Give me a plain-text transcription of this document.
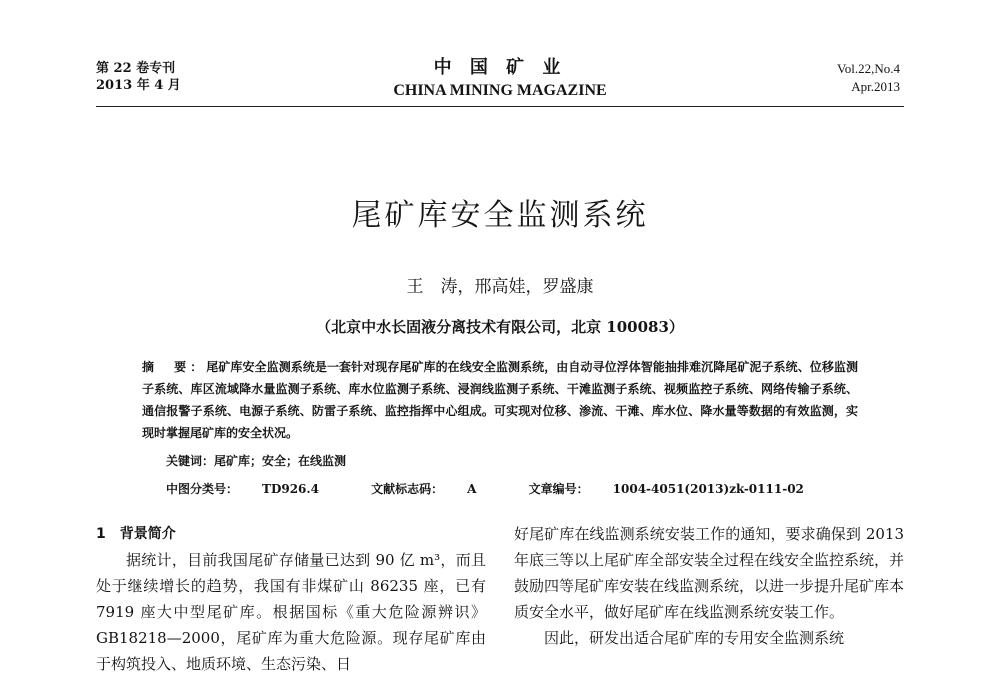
第 22 卷专刊
2013 年 4 月
中 国 矿 业
CHINA MINING MAGAZINE
Vol.22,No.4
Apr.2013
尾矿库安全监测系统
王　涛，邢高娃，罗盛康
（北京中水长固液分离技术有限公司，北京 100083）
摘　要：尾矿库安全监测系统是一套针对现存尾矿库的在线安全监测系统，由自动寻位浮体智能抽排难沉降尾矿泥子系统、位移监测子系统、库区流域降水量监测子系统、库水位监测子系统、浸润线监测子系统、干滩监测子系统、视频监控子系统、网络传输子系统、通信报警子系统、电源子系统、防雷子系统、监控指挥中心组成。可实现对位移、渗流、干滩、库水位、降水量等数据的有效监测，实现时掌握尾矿库的安全状况。
关键词：尾矿库；安全；在线监测
中图分类号： TD926.4	文献标志码： A	文章编号： 1004-4051(2013)zk-0111-02
1　背景简介

据统计，目前我国尾矿存储量已达到 90 亿 m³，而且处于继续增长的趋势，我国有非煤矿山 86235 座，已有 7919 座大中型尾矿库。根据国标《重大危险源辨识》GB18218—2000，尾矿库为重大危险源。现存尾矿库由于构筑投入、地质环境、生态污染、日

好尾矿库在线监测系统安装工作的通知，要求确保到 2013 年底三等以上尾矿库全部安装全过程在线安全监控系统，并鼓励四等尾矿库安装在线监测系统，以进一步提升尾矿库本质安全水平，做好尾矿库在线监测系统安装工作。

因此，研发出适合尾矿库的专用安全监测系统
